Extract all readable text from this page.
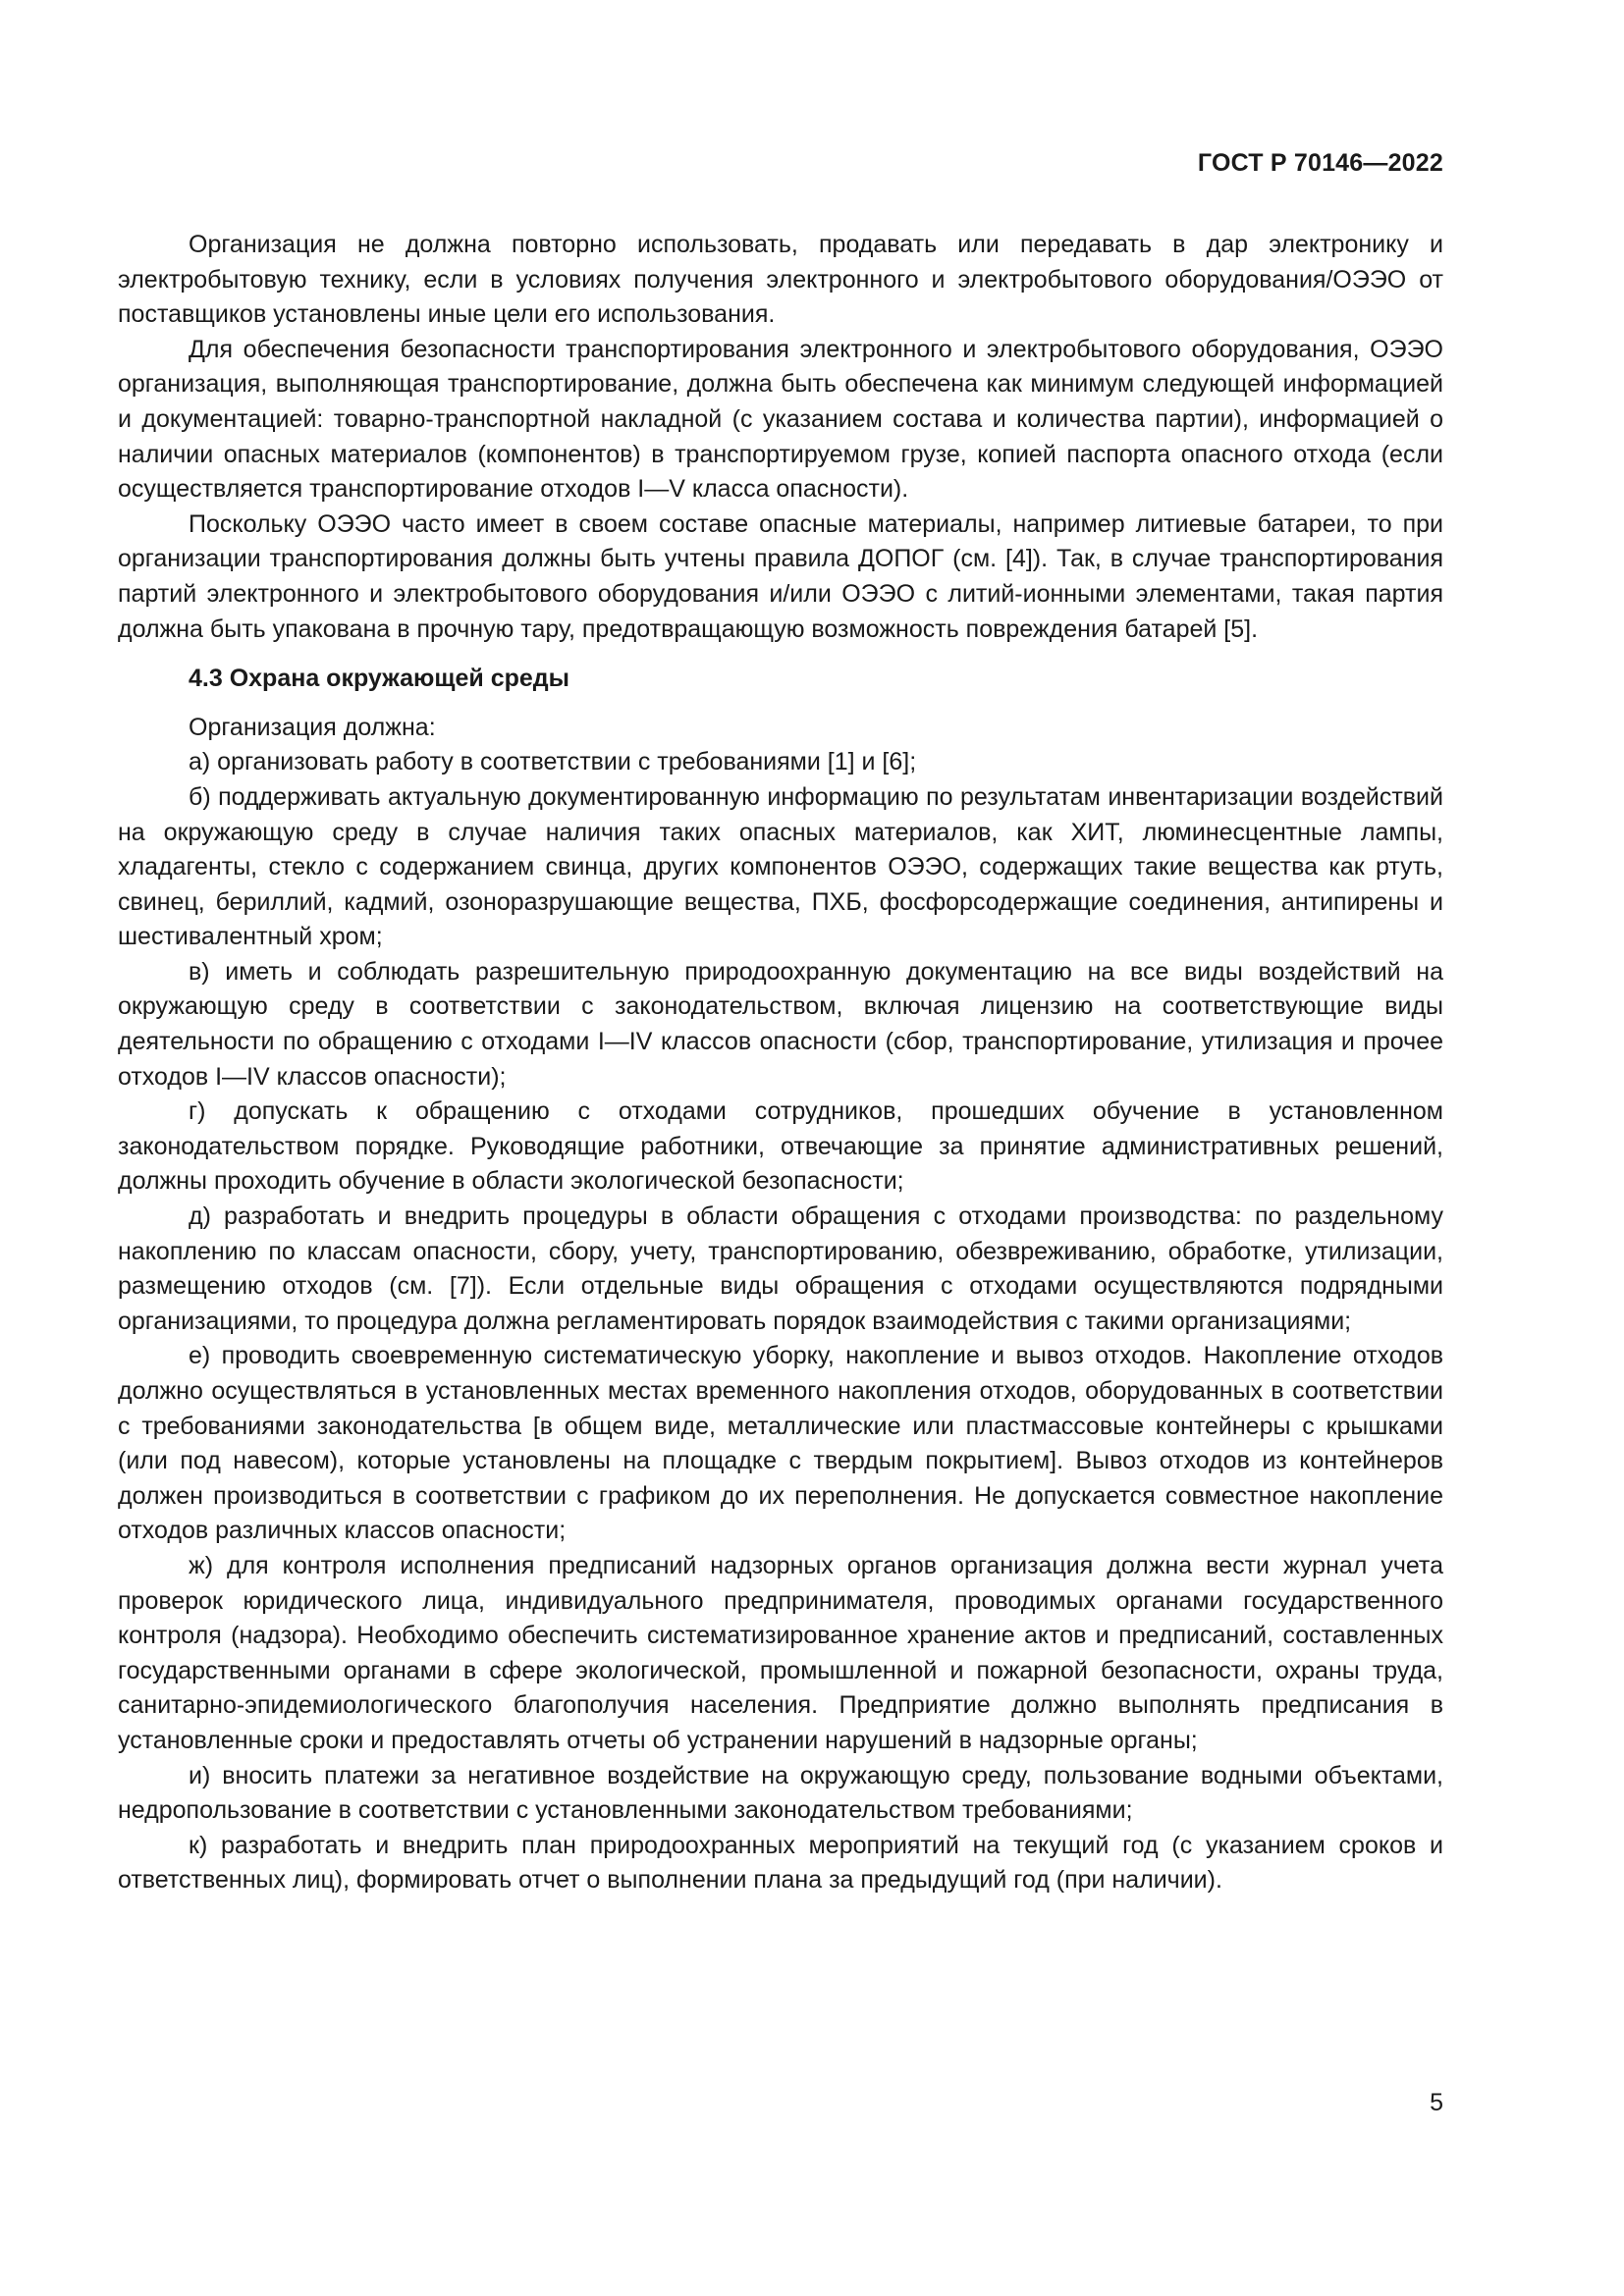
ГОСТ Р 70146—2022

Организация не должна повторно использовать, продавать или передавать в дар электронику и электробытовую технику, если в условиях получения электронного и электробытового оборудования/ОЭЭО от поставщиков установлены иные цели его использования.

Для обеспечения безопасности транспортирования электронного и электробытового оборудования, ОЭЭО организация, выполняющая транспортирование, должна быть обеспечена как минимум следующей информацией и документацией: товарно-транспортной накладной (с указанием состава и количества партии), информацией о наличии опасных материалов (компонентов) в транспортируемом грузе, копией паспорта опасного отхода (если осуществляется транспортирование отходов I—V класса опасности).

Поскольку ОЭЭО часто имеет в своем составе опасные материалы, например литиевые батареи, то при организации транспортирования должны быть учтены правила ДОПОГ (см. [4]). Так, в случае транспортирования партий электронного и электробытового оборудования и/или ОЭЭО с литий-ионными элементами, такая партия должна быть упакована в прочную тару, предотвращающую возможность повреждения батарей [5].

4.3 Охрана окружающей среды

Организация должна:

а) организовать работу в соответствии с требованиями [1] и [6];

б) поддерживать актуальную документированную информацию по результатам инвентаризации воздействий на окружающую среду в случае наличия таких опасных материалов, как ХИТ, люминесцентные лампы, хладагенты, стекло с содержанием свинца, других компонентов ОЭЭО, содержащих такие вещества как ртуть, свинец, бериллий, кадмий, озоноразрушающие вещества, ПХБ, фосфорсодержащие соединения, антипирены и шестивалентный хром;

в) иметь и соблюдать разрешительную природоохранную документацию на все виды воздействий на окружающую среду в соответствии с законодательством, включая лицензию на соответствующие виды деятельности по обращению с отходами I—IV классов опасности (сбор, транспортирование, утилизация и прочее отходов I—IV классов опасности);

г) допускать к обращению с отходами сотрудников, прошедших обучение в установленном законодательством порядке. Руководящие работники, отвечающие за принятие административных решений, должны проходить обучение в области экологической безопасности;

д) разработать и внедрить процедуры в области обращения с отходами производства: по раздельному накоплению по классам опасности, сбору, учету, транспортированию, обезвреживанию, обработке, утилизации, размещению отходов (см. [7]). Если отдельные виды обращения с отходами осуществляются подрядными организациями, то процедура должна регламентировать порядок взаимодействия с такими организациями;

е) проводить своевременную систематическую уборку, накопление и вывоз отходов. Накопление отходов должно осуществляться в установленных местах временного накопления отходов, оборудованных в соответствии с требованиями законодательства [в общем виде, металлические или пластмассовые контейнеры с крышками (или под навесом), которые установлены на площадке с твердым покрытием]. Вывоз отходов из контейнеров должен производиться в соответствии с графиком до их переполнения. Не допускается совместное накопление отходов различных классов опасности;

ж) для контроля исполнения предписаний надзорных органов организация должна вести журнал учета проверок юридического лица, индивидуального предпринимателя, проводимых органами государственного контроля (надзора). Необходимо обеспечить систематизированное хранение актов и предписаний, составленных государственными органами в сфере экологической, промышленной и пожарной безопасности, охраны труда, санитарно-эпидемиологического благополучия населения. Предприятие должно выполнять предписания в установленные сроки и предоставлять отчеты об устранении нарушений в надзорные органы;

и) вносить платежи за негативное воздействие на окружающую среду, пользование водными объектами, недропользование в соответствии с установленными законодательством требованиями;

к) разработать и внедрить план природоохранных мероприятий на текущий год (с указанием сроков и ответственных лиц), формировать отчет о выполнении плана за предыдущий год (при наличии).

5
